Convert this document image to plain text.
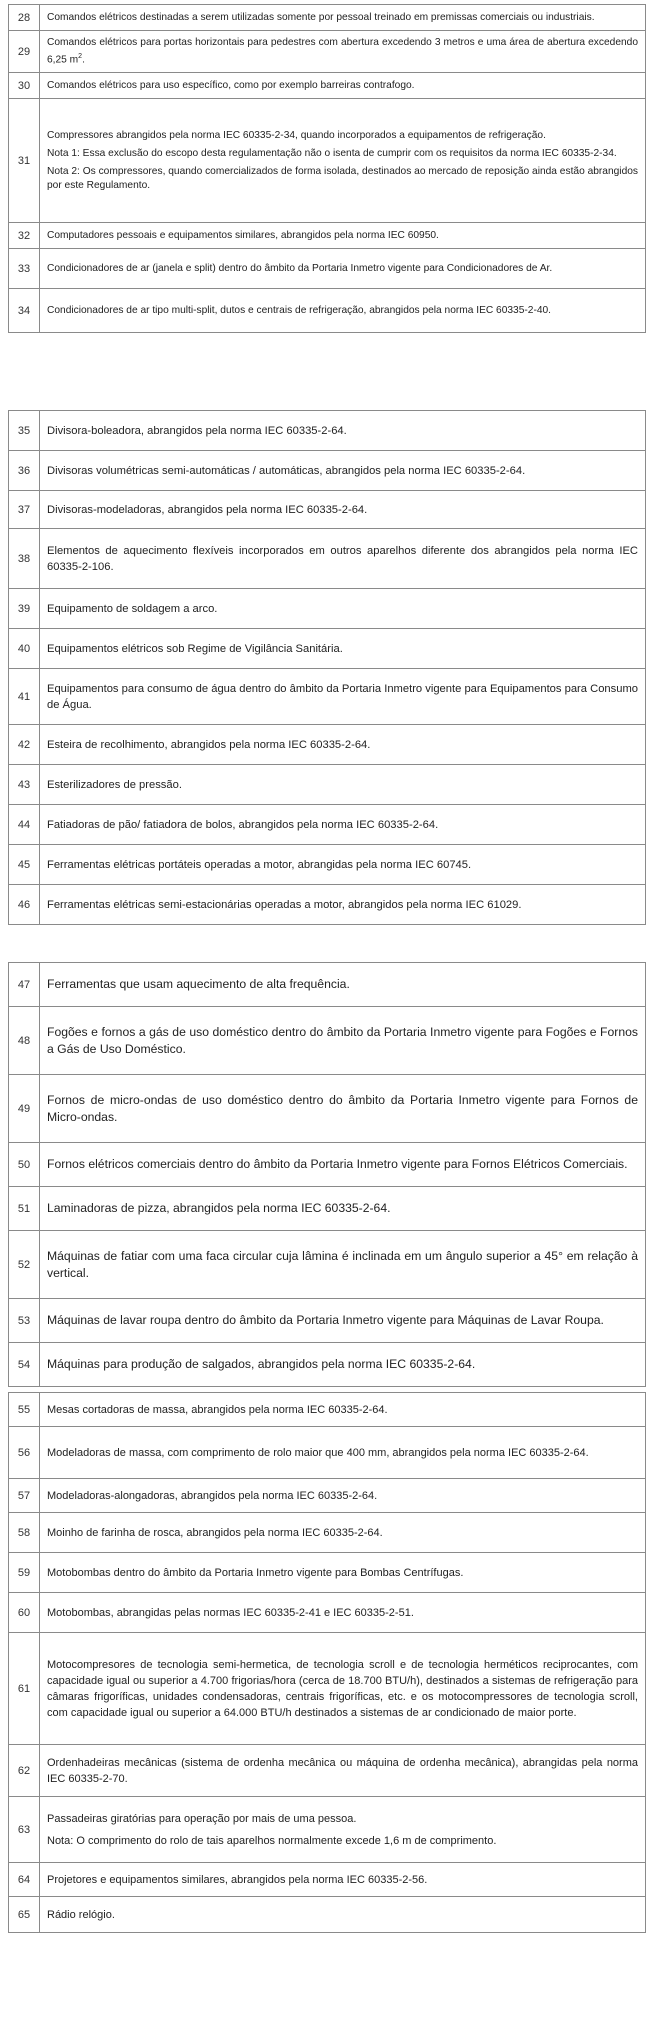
28	Comandos elétricos destinadas a serem utilizadas somente por pessoal treinado em premissas comerciais ou industriais.
29	Comandos elétricos para portas horizontais para pedestres com abertura excedendo 3 metros e uma área de abertura excedendo 6,25 $m^2$.
30	Comandos elétricos para uso específico, como por exemplo barreiras contrafogo.
31	Compressores abrangidos pela norma IEC 60335-2-34, quando incorporados a equipamentos de refrigeração.

Nota 1: Essa exclusão do escopo desta regulamentação não o isenta de cumprir com os requisitos da norma IEC 60335-2-34.

Nota 2: Os compressores, quando comercializados de forma isolada, destinados ao mercado de reposição ainda estão abrangidos por este Regulamento.

32	Computadores pessoais e equipamentos similares, abrangidos pela norma IEC 60950.
33	Condicionadores de ar (janela e split) dentro do âmbito da Portaria Inmetro vigente para Condicionadores de Ar.
34	Condicionadores de ar tipo multi-split, dutos e centrais de refrigeração, abrangidos pela norma IEC 60335-2-40.
35	Divisora-boleadora, abrangidos pela norma IEC 60335-2-64.
36	Divisoras volumétricas semi-automáticas / automáticas, abrangidos pela norma IEC 60335-2-64.
37	Divisoras-modeladoras, abrangidos pela norma IEC 60335-2-64.
38	Elementos de aquecimento flexíveis incorporados em outros aparelhos diferente dos abrangidos pela norma IEC 60335-2-106.
39	Equipamento de soldagem a arco.
40	Equipamentos elétricos sob Regime de Vigilância Sanitária.
41	Equipamentos para consumo de água dentro do âmbito da Portaria Inmetro vigente para Equipamentos para Consumo de Água.
42	Esteira de recolhimento, abrangidos pela norma IEC 60335-2-64.
43	Esterilizadores de pressão.
44	Fatiadoras de pão/ fatiadora de bolos, abrangidos pela norma IEC 60335-2-64.
45	Ferramentas elétricas portáteis operadas a motor, abrangidas pela norma IEC 60745.
46	Ferramentas elétricas semi-estacionárias operadas a motor, abrangidos pela norma IEC 61029.
47	Ferramentas que usam aquecimento de alta frequência.
48	Fogões e fornos a gás de uso doméstico dentro do âmbito da Portaria Inmetro vigente para Fogões e Fornos a Gás de Uso Doméstico.
49	Fornos de micro-ondas de uso doméstico dentro do âmbito da Portaria Inmetro vigente para Fornos de Micro-ondas.
50	Fornos elétricos comerciais dentro do âmbito da Portaria Inmetro vigente para Fornos Elétricos Comerciais.
51	Laminadoras de pizza, abrangidos pela norma IEC 60335-2-64.
52	Máquinas de fatiar com uma faca circular cuja lâmina é inclinada em um ângulo superior a 45° em relação à vertical.
53	Máquinas de lavar roupa dentro do âmbito da Portaria Inmetro vigente para Máquinas de Lavar Roupa.
54	Máquinas para produção de salgados, abrangidos pela norma IEC 60335-2-64.
55	Mesas cortadoras de massa, abrangidos pela norma IEC 60335-2-64.
56	Modeladoras de massa, com comprimento de rolo maior que 400 mm, abrangidos pela norma IEC 60335-2-64.
57	Modeladoras-alongadoras, abrangidos pela norma IEC 60335-2-64.
58	Moinho de farinha de rosca, abrangidos pela norma IEC 60335-2-64.
59	Motobombas dentro do âmbito da Portaria Inmetro vigente para Bombas Centrífugas.
60	Motobombas, abrangidas pelas normas IEC 60335-2-41 e IEC 60335-2-51.
61	Motocompresores de tecnologia semi-hermetica, de tecnologia scroll e de tecnologia herméticos reciprocantes, com capacidade igual ou superior a 4.700 frigorias/hora (cerca de 18.700 BTU/h), destinados a sistemas de refrigeração para câmaras frigoríficas, unidades condensadoras, centrais frigoríficas, etc. e os motocompressores de tecnologia scroll, com capacidade igual ou superior a 64.000 BTU/h destinados a sistemas de ar condicionado de maior porte.
62	Ordenhadeiras mecânicas (sistema de ordenha mecânica ou máquina de ordenha mecânica), abrangidas pela norma IEC 60335-2-70.
63	Passadeiras giratórias para operação por mais de uma pessoa.

Nota: O comprimento do rolo de tais aparelhos normalmente excede 1,6 m de comprimento.

64	Projetores e equipamentos similares, abrangidos pela norma IEC 60335-2-56.
65	Rádio relógio.
